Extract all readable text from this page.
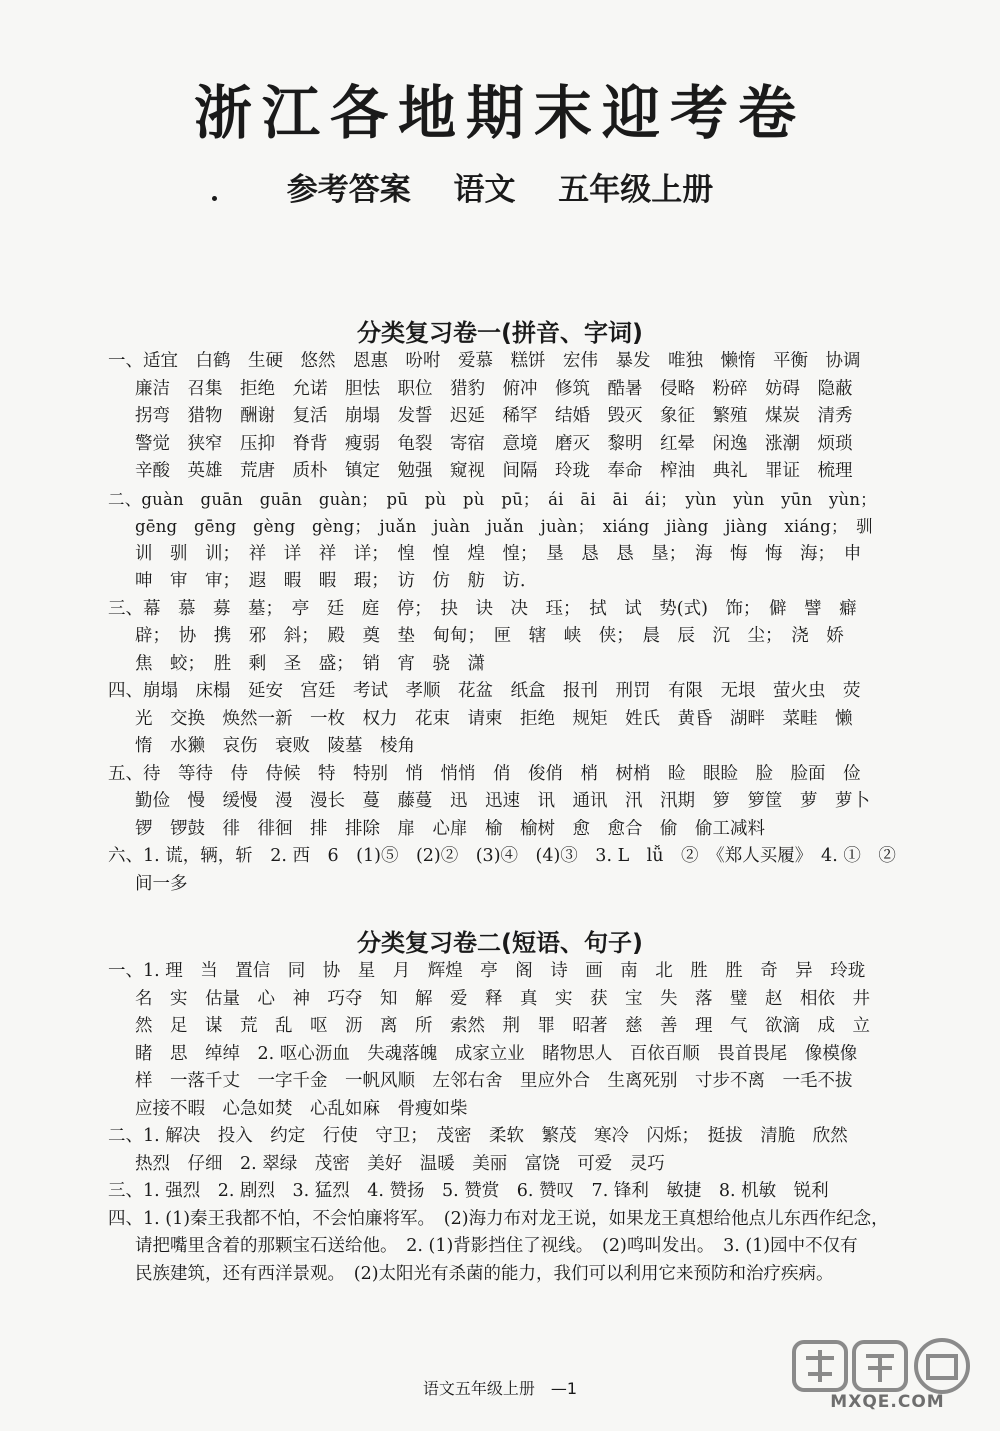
浙江各地期末迎考卷
参考答案 语文 五年级上册
分类复习卷一(拼音、字词)
一、适宜　白鹤　生硬　悠然　恩惠　吩咐　爱慕　糕饼　宏伟　暴发　唯独　懒惰　平衡　协调
廉洁　召集　拒绝　允诺　胆怯　职位　猎豹　俯冲　修筑　酷暑　侵略　粉碎　妨碍　隐蔽
拐弯　猎物　酬谢　复活　崩塌　发誓　迟延　稀罕　结婚　毁灭　象征　繁殖　煤炭　清秀
警觉　狭窄　压抑　脊背　瘦弱　龟裂　寄宿　意境　磨灭　黎明　红晕　闲逸　涨潮　烦琐
辛酸　英雄　荒唐　质朴　镇定　勉强　窥视　间隔　玲珑　奉命　榨油　典礼　罪证　梳理
二、guàn　guān　guān　guàn；　pū　pù　pù　pū；　ái　āi　āi　ái；　yùn　yùn　yūn　yùn；
gēng　gēng　gèng　gèng；　juǎn　juàn　juǎn　juàn；　xiáng　jiàng　jiàng　xiáng；　驯
训　驯　训；　祥　详　祥　详；　惶　惶　煌　惶；　垦　恳　恳　垦；　海　悔　悔　海；　申
呻　审　审；　遐　暇　暇　瑕；　访　仿　舫　访．
三、幕　慕　募　墓；　亭　廷　庭　停；　抉　诀　决　珏；　拭　试　势(式)　饰；　僻　譬　癖
辟；　协　携　邪　斜；　殿　奠　垫　甸甸；　匣　辖　峡　侠；　晨　辰　沉　尘；　浇　娇
焦　蛟；　胜　剩　圣　盛；　销　宵　骁　潇
四、崩塌　床榻　延安　宫廷　考试　孝顺　花盆　纸盒　报刊　刑罚　有限　无垠　萤火虫　荧
光　交换　焕然一新　一枚　权力　花束　请柬　拒绝　规矩　姓氏　黄昏　湖畔　菜畦　懒
惰　水獭　哀伤　衰败　陵墓　棱角
五、待　等待　侍　侍候　特　特别　悄　悄悄　俏　俊俏　梢　树梢　睑　眼睑　脸　脸面　俭
勤俭　慢　缓慢　漫　漫长　蔓　藤蔓　迅　迅速　讯　通讯　汛　汛期　箩　箩筐　萝　萝卜
锣　锣鼓　徘　徘徊　排　排除　扉　心扉　榆　榆树　愈　愈合　偷　偷工减料
六、1. 谎，辆，斩　2. 西　6　(1)⑤　(2)②　(3)④　(4)③　3. L　lǚ　②　《郑人买履》　4. ①　②
间一多
分类复习卷二(短语、句子)
一、1. 理　当　置信　同　协　星　月　辉煌　亭　阁　诗　画　南　北　胜　胜　奇　异　玲珑
名　实　估量　心　神　巧夺　知　解　爱　释　真　实　获　宝　失　落　璧　赵　相依　井
然　足　谋　荒　乱　呕　沥　离　所　索然　荆　罪　昭著　慈　善　理　气　欲滴　成　立
睹　思　绰绰　2. 呕心沥血　失魂落魄　成家立业　睹物思人　百依百顺　畏首畏尾　像模像
样　一落千丈　一字千金　一帆风顺　左邻右舍　里应外合　生离死别　寸步不离　一毛不拔
应接不暇　心急如焚　心乱如麻　骨瘦如柴
二、1. 解决　投入　约定　行使　守卫；　茂密　柔软　繁茂　寒冷　闪烁；　挺拔　清脆　欣然
热烈　仔细　2. 翠绿　茂密　美好　温暖　美丽　富饶　可爱　灵巧
三、1. 强烈　2. 剧烈　3. 猛烈　4. 赞扬　5. 赞赏　6. 赞叹　7. 锋利　敏捷　8. 机敏　锐利
四、1. (1)秦王我都不怕，不会怕廉将军。　(2)海力布对龙王说，如果龙王真想给他点儿东西作纪念，
请把嘴里含着的那颗宝石送给他。　2. (1)背影挡住了视线。　(2)鸣叫发出。　3. (1)园中不仅有
民族建筑，还有西洋景观。　(2)太阳光有杀菌的能力，我们可以利用它来预防和治疗疾病。
语文五年级上册　—1
MXQE.COM
